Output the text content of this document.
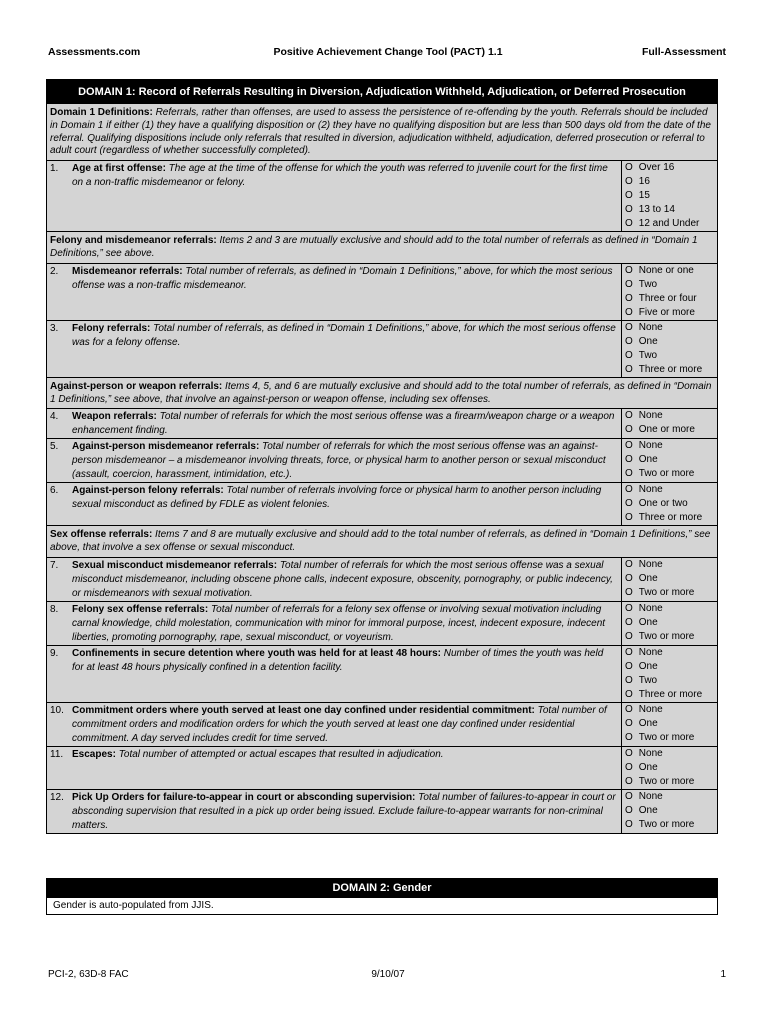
Assessments.com	Positive Achievement Change Tool (PACT) 1.1	Full-Assessment
DOMAIN 1: Record of Referrals Resulting in Diversion, Adjudication Withheld, Adjudication, or Deferred Prosecution
Domain 1 Definitions: Referrals, rather than offenses, are used to assess the persistence of re-offending by the youth. Referrals should be included in Domain 1 if either (1) they have a qualifying disposition or (2) they have no qualifying disposition but are less than 500 days old from the date of the referral. Qualifying dispositions include only referrals that resulted in diversion, adjudication withheld, adjudication, deferred prosecution or referral to adult court (regardless of whether successfully completed).
1.	Age at first offense: The age at the time of the offense for which the youth was referred to juvenile court for the first time on a non-traffic misdemeanor or felony.
O Over 16
O 16
O 15
O 13 to 14
O 12 and Under
Felony and misdemeanor referrals: Items 2 and 3 are mutually exclusive and should add to the total number of referrals as defined in “Domain 1 Definitions,” see above.
2.	Misdemeanor referrals: Total number of referrals, as defined in “Domain 1 Definitions,” above, for which the most serious offense was a non-traffic misdemeanor.
O None or one
O Two
O Three or four
O Five or more
3.	Felony referrals: Total number of referrals, as defined in “Domain 1 Definitions,” above, for which the most serious offense was for a felony offense.
O None
O One
O Two
O Three or more
Against-person or weapon referrals: Items 4, 5, and 6 are mutually exclusive and should add to the total number of referrals, as defined in “Domain 1 Definitions,” see above, that involve an against-person or weapon offense, including sex offenses.
4.	Weapon referrals: Total number of referrals for which the most serious offense was a firearm/weapon charge or a weapon enhancement finding.
O None
O One or more
5.	Against-person misdemeanor referrals: Total number of referrals for which the most serious offense was an against-person misdemeanor – a misdemeanor involving threats, force, or physical harm to another person or sexual misconduct (assault, coercion, harassment, intimidation, etc.).
O None
O One
O Two or more
6.	Against-person felony referrals: Total number of referrals involving force or physical harm to another person including sexual misconduct as defined by FDLE as violent felonies.
O None
O One or two
O Three or more
Sex offense referrals: Items 7 and 8 are mutually exclusive and should add to the total number of referrals, as defined in “Domain 1 Definitions,” see above, that involve a sex offense or sexual misconduct.
7.	Sexual misconduct misdemeanor referrals: Total number of referrals for which the most serious offense was a sexual misconduct misdemeanor, including obscene phone calls, indecent exposure, obscenity, pornography, or public indecency, or misdemeanors with sexual motivation.
O None
O One
O Two or more
8.	Felony sex offense referrals: Total number of referrals for a felony sex offense or involving sexual motivation including carnal knowledge, child molestation, communication with minor for immoral purpose, incest, indecent exposure, indecent liberties, promoting pornography, rape, sexual misconduct, or voyeurism.
O None
O One
O Two or more
9.	Confinements in secure detention where youth was held for at least 48 hours: Number of times the youth was held for at least 48 hours physically confined in a detention facility.
O None
O One
O Two
O Three or more
10. Commitment orders where youth served at least one day confined under residential commitment: Total number of commitment orders and modification orders for which the youth served at least one day confined under residential commitment. A day served includes credit for time served.
O None
O One
O Two or more
11. Escapes: Total number of attempted or actual escapes that resulted in adjudication.	O None
O One
O Two or more
12. Pick Up Orders for failure-to-appear in court or absconding supervision: Total number of failures-to-appear in court or absconding supervision that resulted in a pick up order being issued. Exclude failure-to-appear warrants for non-criminal matters.
O None
O One
O Two or more
DOMAIN 2: Gender
Gender is auto-populated from JJIS.
PCI-2, 63D-8 FAC	9/10/07	1
